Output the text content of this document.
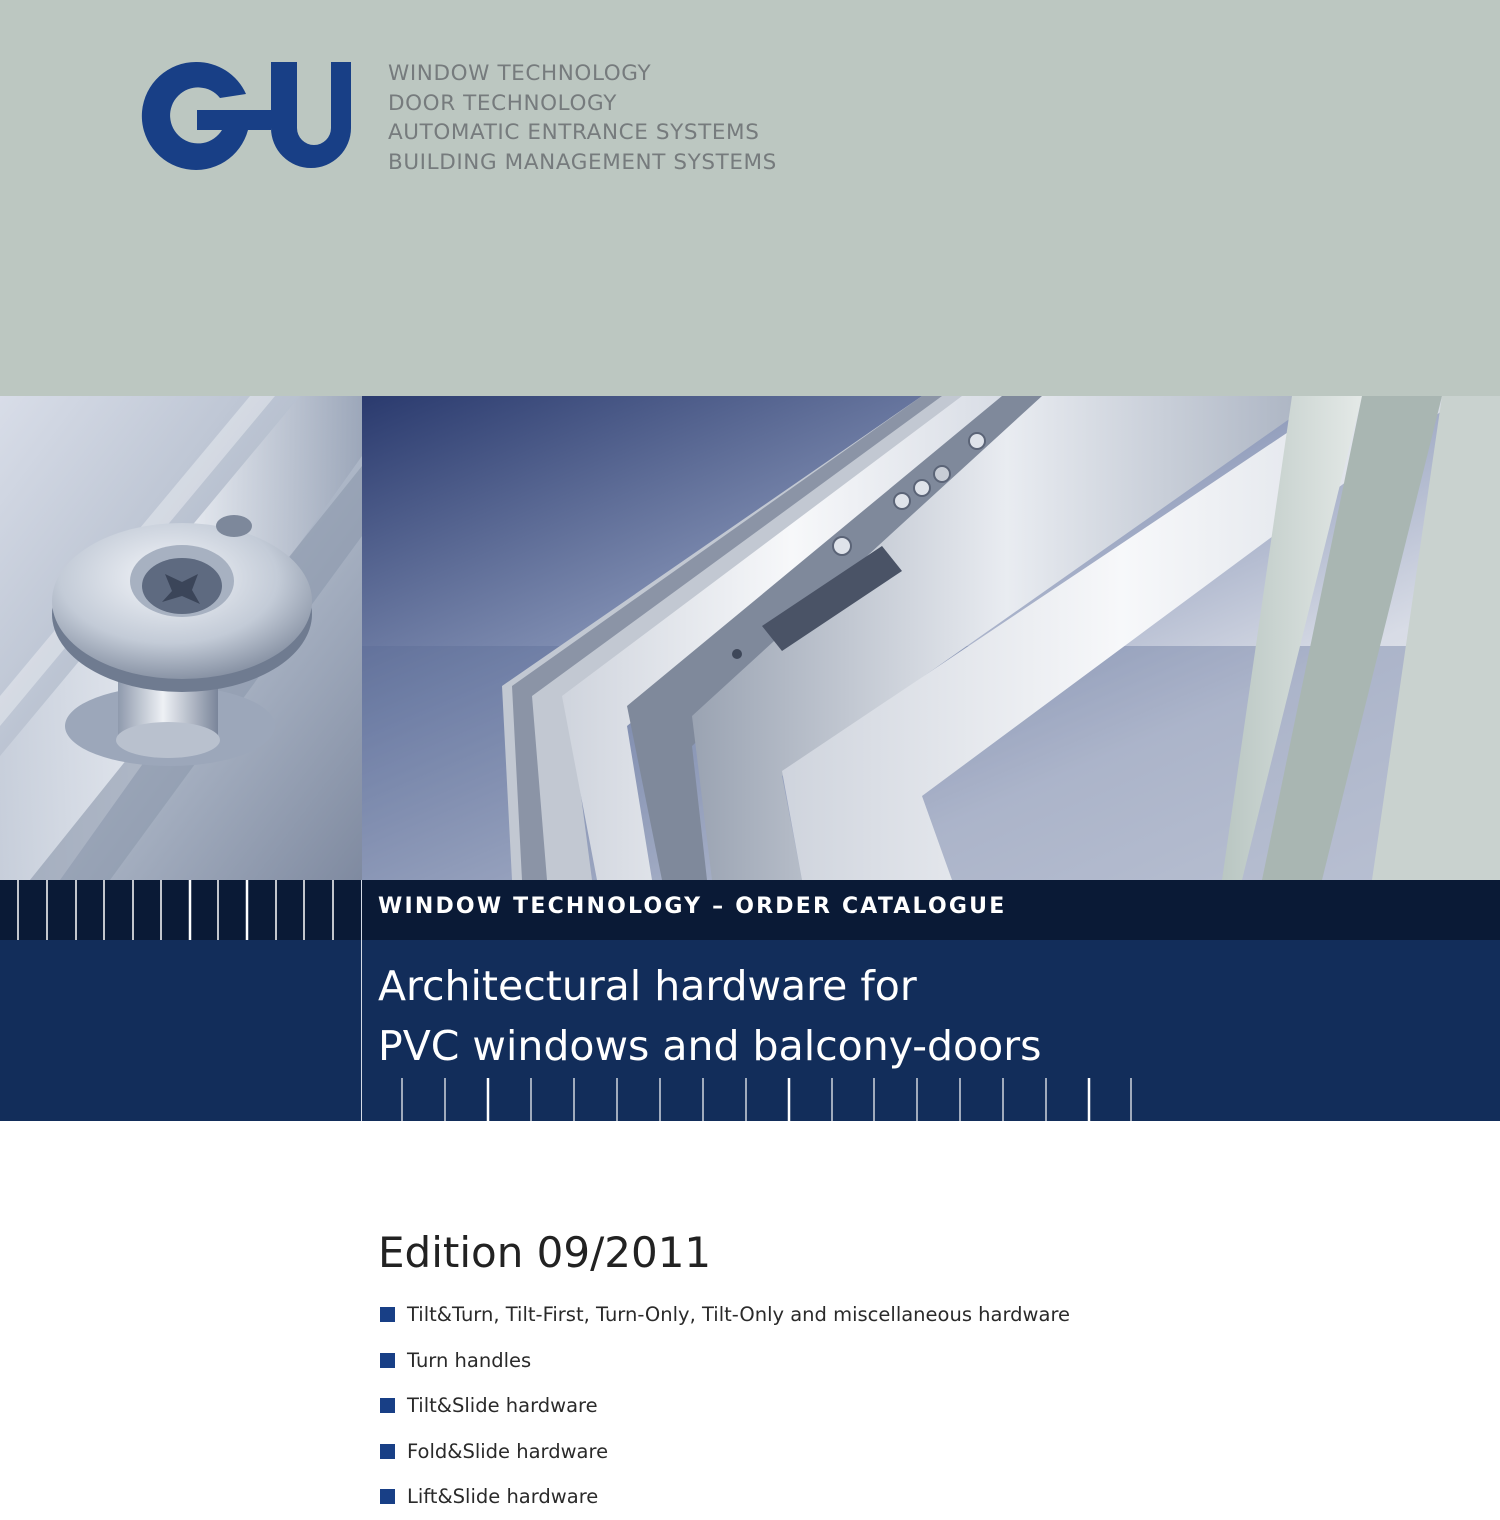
G-U
WINDOW TECHNOLOGY
DOOR TECHNOLOGY
AUTOMATIC ENTRANCE SYSTEMS
BUILDING MANAGEMENT SYSTEMS
WINDOW TECHNOLOGY – ORDER CATALOGUE
Architectural hardware for
PVC windows and balcony-doors
Edition 09/2011
Tilt&Turn, Tilt-First, Turn-Only, Tilt-Only and miscellaneous hardware
Turn handles
Tilt&Slide hardware
Fold&Slide hardware
Lift&Slide hardware
